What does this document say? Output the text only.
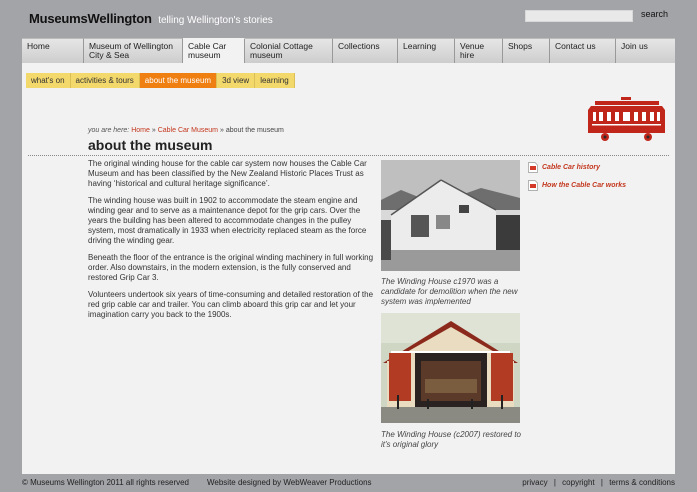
MuseumsWellington telling Wellington's stories
search
Home	Museum of Wellington City & Sea
Cable Car museum
Colonial Cottage museum
Collections	Learning	Venue hire
Shops	Contact us	Join us
what's on	activities & tours	about the museum	3d view	learning
you are here: Home » Cable Car Museum » about the museum
about the museum

The original winding house for the cable car system now houses the Cable Car Museum and has been classified by the New Zealand Historic Places Trust as having ‘historical and cultural heritage significance’.

The winding house was built in 1902 to accommodate the steam engine and winding gear and to serve as a maintenance depot for the grip cars. Over the years the building has been altered to accommodate changes in the pulley system, most dramatically in 1933 when electricity replaced steam as the force driving the winding gear.

Beneath the floor of the entrance is the original winding machinery in full working order. Also downstairs, in the modern extension, is the fully conserved and restored Grip Car 3.

Volunteers undertook six years of time-consuming and detailed restoration of the red grip cable car and trailer. You can climb aboard this grip car and let your imagination carry you back to the 1900s.

The Winding House c1970 was a candidate for demolition when the new system was implemented
The Winding House (c2007) restored to it's original glory
Cable Car history
How the Cable Car works
© Museums Wellington 2011 all rights reserved Website designed by WebWeaver Productions	privacy | copyright | terms & conditions
